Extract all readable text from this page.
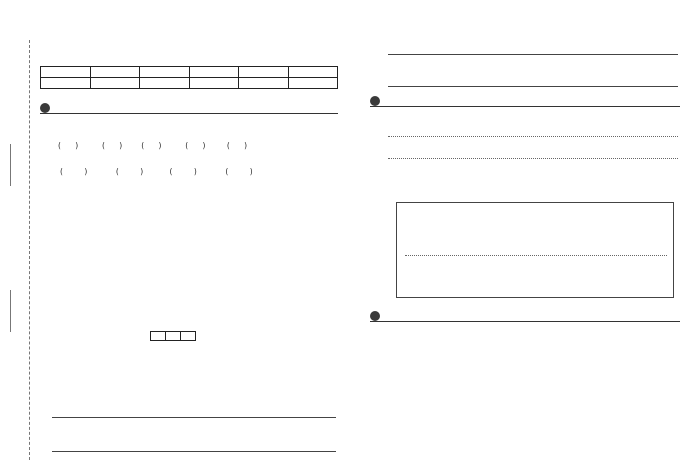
(      )          (      )        (      )          (      )         (      )
(         )            (         )           (         )            (         )
